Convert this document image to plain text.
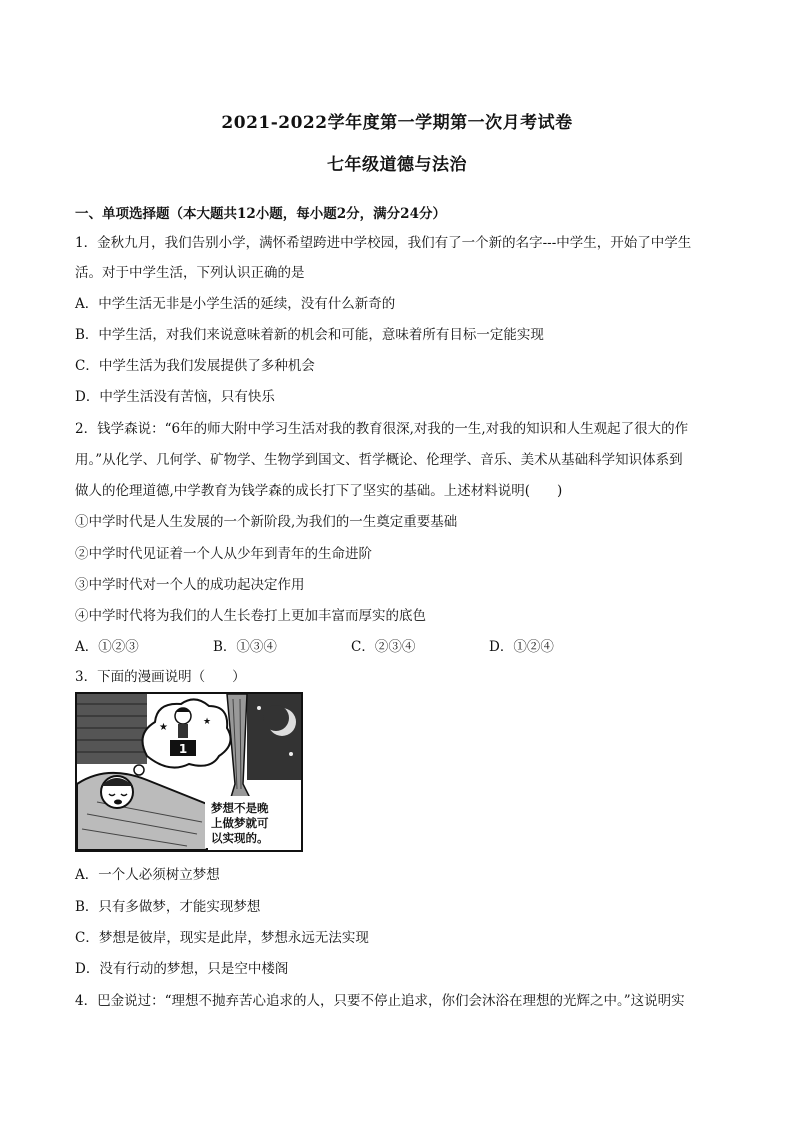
2021-2022学年度第一学期第一次月考试卷
七年级道德与法治
一、单项选择题（本大题共12小题，每小题2分，满分24分）
1．金秋九月，我们告别小学，满怀希望跨进中学校园，我们有了一个新的名字---中学生，开始了中学生
活。对于中学生活，下列认识正确的是
A．中学生活无非是小学生活的延续，没有什么新奇的
B．中学生活，对我们来说意味着新的机会和可能，意味着所有目标一定能实现
C．中学生活为我们发展提供了多种机会
D．中学生活没有苦恼，只有快乐
2．钱学森说：“6年的师大附中学习生活对我的教育很深,对我的一生,对我的知识和人生观起了很大的作
用。”从化学、几何学、矿物学、生物学到国文、哲学概论、伦理学、音乐、美术从基础科学知识体系到
做人的伦理道德,中学教育为钱学森的成长打下了坚实的基础。上述材料说明(　　)
①中学时代是人生发展的一个新阶段,为我们的一生奠定重要基础
②中学时代见证着一个人从少年到青年的生命进阶
③中学时代对一个人的成功起决定作用
④中学时代将为我们的人生长卷打上更加丰富而厚实的底色
A．①②③	B．①③④	C．②③④	D．①②④
3．下面的漫画说明（　　）
1
★	★
梦想不是晚
上做梦就可
以实现的。
A．一个人必须树立梦想
B．只有多做梦，才能实现梦想
C．梦想是彼岸，现实是此岸，梦想永远无法实现
D．没有行动的梦想，只是空中楼阁
4．巴金说过：“理想不抛弃苦心追求的人，只要不停止追求，你们会沐浴在理想的光辉之中。”这说明实
